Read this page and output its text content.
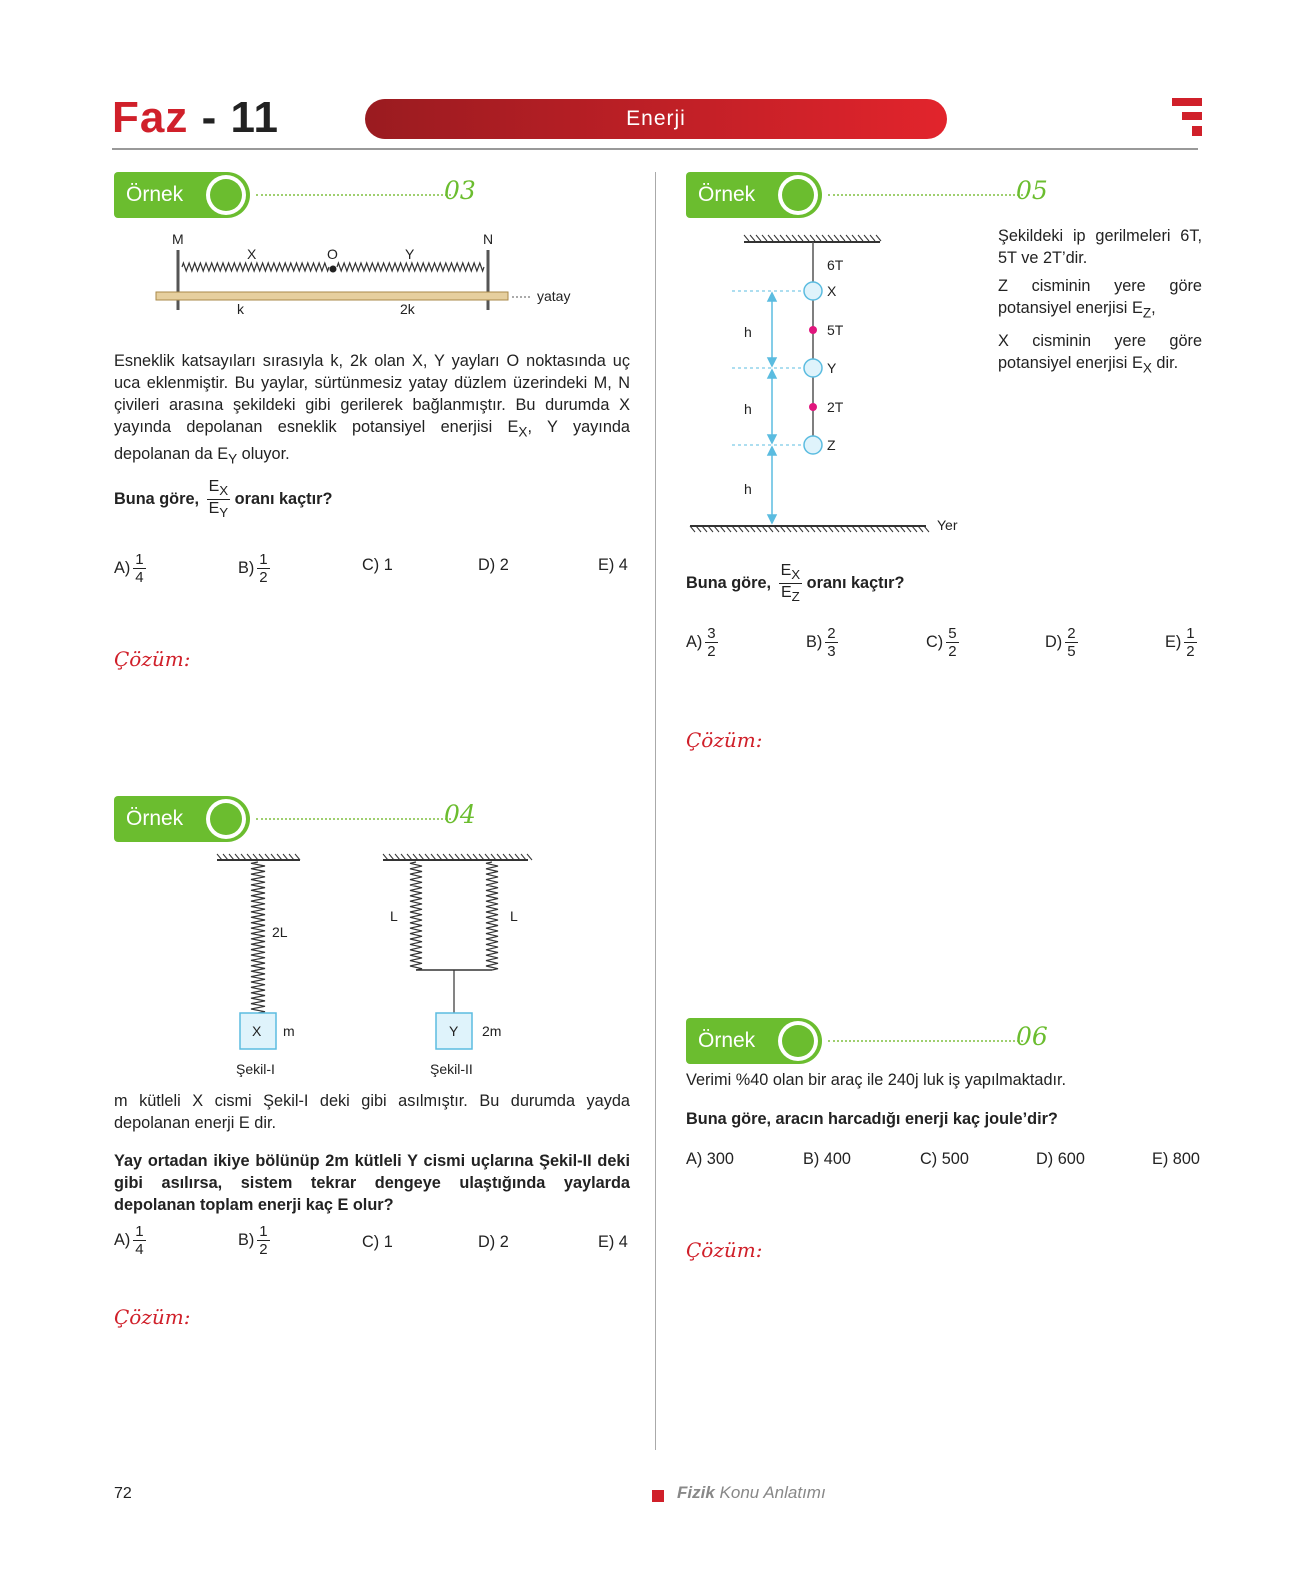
Faz - 11	Enerji
Örnek	03
M	N
X	O	Y
yatay
k	2k
Esneklik katsayıları sırasıyla k, 2k olan X, Y yayları O noktasında uç uca eklenmiştir. Bu yaylar, sürtünmesiz yatay düzlem üzerindeki M, N çivileri arasına şekildeki gibi gerilerek bağlanmıştır. Bu durumda X yayında depolanan esneklik potansiyel enerjisi $E_X$, Y yayında depolanan da $E_Y$ oluyor.
Buna göre, $\frac{E_X}{E_Y}$ oranı kaçtır?
$A) \frac{1}{4}$	$B) \frac{1}{2}$	C) 1	D) 2	E) 4
Çözüm:
Örnek	04
2L
X m
Şekil-I
L	L
Y 2m
Şekil-II
m kütleli X cismi Şekil-I deki gibi asılmıştır. Bu durumda yayda depolanan enerji E dir.
Yay ortadan ikiye bölünüp 2m kütleli Y cismi uçlarına Şekil-II deki gibi asılırsa, sistem tekrar dengeye ulaştığında yaylarda depolanan toplam enerji kaç E olur?
$A) \frac{1}{4}$	$B) \frac{1}{2}$	C) 1	D) 2	E) 4
Çözüm:
Örnek	05
6T
X
5T
Y
2T
Z
h
h
h
Yer
Şekildeki ip gerilmeleri 6T, 5T ve 2T’dir.
Z cisminin yere göre potansiyel enerjisi $E_Z$,
X cisminin yere göre potansiyel enerjisi $E_X$ dir.
Buna göre, $\frac{E_X}{E_Z}$ oranı kaçtır?
$A) \frac{3}{2}$	$B) \frac{2}{3}$	$C) \frac{5}{2}$	$D) \frac{2}{5}$	$E) \frac{1}{2}$
Çözüm:
Örnek	06
Verimi %40 olan bir araç ile 240j luk iş yapılmaktadır.
Buna göre, aracın harcadığı enerji kaç joule’dir?
A) 300	B) 400	C) 500	D) 600	E) 800
Çözüm:
72	Fizik Konu Anlatımı
